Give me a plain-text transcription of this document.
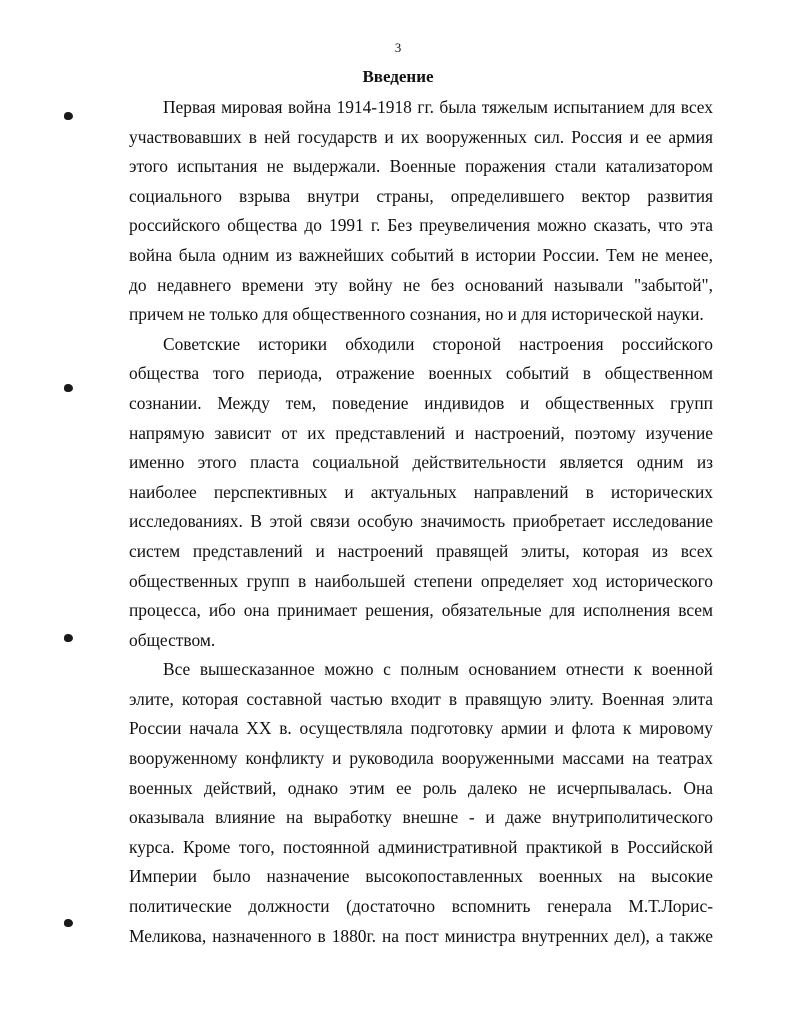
3
Введение
Первая мировая война 1914-1918 гг. была тяжелым испытанием для всех
участвовавших в ней государств и их вооруженных сил. Россия и ее армия
этого испытания не выдержали. Военные поражения стали катализатором
социального взрыва внутри страны, определившего вектор развития
российского общества до 1991 г. Без преувеличения можно сказать, что эта
война была одним из важнейших событий в истории России. Тем не менее,
до недавнего времени эту войну не без оснований называли "забытой",
причем не только для общественного сознания, но и для исторической науки.
Советские историки обходили стороной настроения российского
общества того периода, отражение военных событий в общественном
сознании. Между тем, поведение индивидов и общественных групп
напрямую зависит от их представлений и настроений, поэтому изучение
именно этого пласта социальной действительности является одним из
наиболее перспективных и актуальных направлений в исторических
исследованиях. В этой связи особую значимость приобретает исследование
систем представлений и настроений правящей элиты, которая из всех
общественных групп в наибольшей степени определяет ход исторического
процесса, ибо она принимает решения, обязательные для исполнения всем
обществом.
Все вышесказанное можно с полным основанием отнести к военной
элите, которая составной частью входит в правящую элиту. Военная элита
России начала XX в. осуществляла подготовку армии и флота к мировому
вооруженному конфликту и руководила вооруженными массами на театрах
военных действий, однако этим ее роль далеко не исчерпывалась. Она
оказывала влияние на выработку внешне - и даже внутриполитического
курса. Кроме того, постоянной административной практикой в Российской
Империи было назначение высокопоставленных военных на высокие
политические должности (достаточно вспомнить генерала М.Т.Лорис-
Меликова, назначенного в 1880г. на пост министра внутренних дел), а также
